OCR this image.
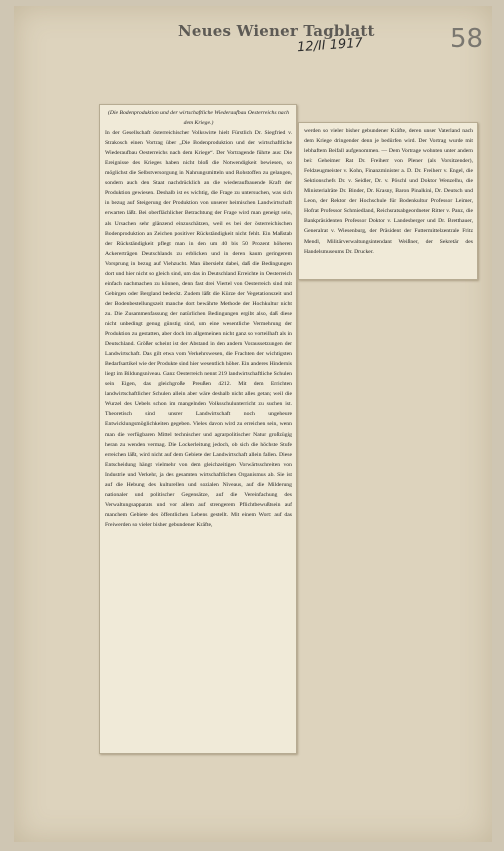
Neues Wiener Tagblatt
12/II 1917	58

(Die Bodenproduktion und der wirtschaftliche Wiederaufbau Oesterreichs nach dem Kriege.)

In der Gesellschaft österreichischer Volkswirte hielt Fürstlich Dr. Siegfried v. Strakosch einen Vortrag über „Die Bodenproduktion und der wirtschaftliche Wiederaufbau Oesterreichs nach dem Kriege“. Der Vortragende führte aus: Die Ereignisse des Krieges haben nicht bloß die Notwendigkeit bewiesen, so möglichst die Selbstversorgung in Nahrungsmitteln und Rohstoffen zu gelangen, sondern auch den Staat nachdrücklich an die wiederaufbauende Kraft der Produktion gewiesen. Deshalb ist es wichtig, die Frage zu untersuchen, was sich in bezug auf Steigerung der Produktion von unserer heimischen Landwirtschaft erwarten läßt. Bei oberflächlicher Betrachtung der Frage wird man geneigt sein, als Ursachen sehr glänzend einzuschätzen, weil es bei der österreichischen Bodenproduktion an Zeichen positiver Rückständigkeit nicht fehlt. Ein Maßstab der Rückständigkeit pflegt man in den um 40 bis 50 Prozent höheren Ackererträgen Deutschlands zu erblicken und in deren kaum geringerem Vorsprung in bezug auf Viehzucht. Man übersieht dabei, daß die Bedingungen dort und hier nicht so gleich sind, um das in Deutschland Erreichte in Oesterreich einfach nachmachen zu können, denn fast drei Viertel von Oesterreich sind mit Gebirgen oder Bergland bedeckt. Zudem läßt die Kürze der Vegetationszeit und der Bodenbestellungszeit manche dort bewährte Methode der Hochkultur nicht zu. Die Zusammenfassung der natürlichen Bedingungen ergibt also, daß diese nicht unbedingt genug günstig sind, um eine wesentliche Vermehrung der Produktion zu gestatten, aber doch im allgemeinen nicht ganz so vorteilhaft als in Deutschland. Größer scheint ist der Abstand in den andern Voraussetzungen der Landwirtschaft. Das gilt etwa vom Verkehrswesen, die Frachten der wichtigsten Bedarfsartikel wie der Produkte sind hier wesentlich höher. Ein anderes Hindernis liegt im Bildungsniveau. Ganz Oesterreich nennt 219 landwirtschaftliche Schulen sein Eigen, das gleichgroße Preußen 4212. Mit dem Errichten landwirtschaftlicher Schulen allein aber wäre deshalb nicht alles getan; weil die Wurzel des Uebels schon im mangelnden Volksschulunterricht zu suchen ist. Theoretisch sind unsrer Landwirtschaft noch ungeheure Entwicklungsmöglichkeiten gegeben. Vieles davon wird zu erreichen sein, wenn man die verfügbaren Mittel technischer und agrarpolitischer Natur großzügig heran zu wenden vermag. Die Lockerleitung jedoch, ob sich die höchste Stufe erreichen läßt, wird nicht auf dem Gebiete der Landwirtschaft allein fallen. Diese Entscheidung hängt vielmehr von dem gleichzeitigen Vorwärtsschreiten von Industrie und Verkehr, ja des gesamten wirtschaftlichen Organismus ab. Sie ist auf die Hebung des kulturellen und sozialen Niveaus, auf die Milderung nationaler und politischer Gegensätze, auf die Vereinfachung des Verwaltungsapparats und vor allem auf strengerem Pflichtbewußtsein auf manchem Gebiete des öffentlichen Lebens gestellt. Mit einem Wort: auf das Freiwerden so vieler bisher gebundener Kräfte,

werden so vieler bisher gebundener Kräfte, deren unser Vaterland nach dem Kriege dringender denn je bedürfen wird. Der Vortrag wurde mit lebhaftem Beifall aufgenommen. — Dem Vortrage wohnten unter andern bei: Geheimer Rat Dr. Freiherr von Plener (als Vorsitzender), Feldzeugmeister v. Kohn, Finanzminister a. D. Dr. Freiherr v. Engel, die Sektionschefs Dr. v. Seidler, Dr. v. Pöschl und Doktor Wenzelhu, die Ministerialräte Dr. Binder, Dr. Krasny, Baron Pinalkini, Dr. Deutsch und Leon, der Rektor der Hochschule für Bodenkultur Professor Leimer, Hofrat Professor Schmiedland, Reichsratsabgeordneter Ritter v. Panz, die Bankpräsidenten Professor Doktor v. Landesberger und Dr. Bretthauer, Generalrat v. Wiesenburg, der Präsident der Futtermittelzentrale Fritz Mendl, Militärverwaltungsintendant Weißner, der Sekretär des Handelsmuseums Dr. Drucker.
